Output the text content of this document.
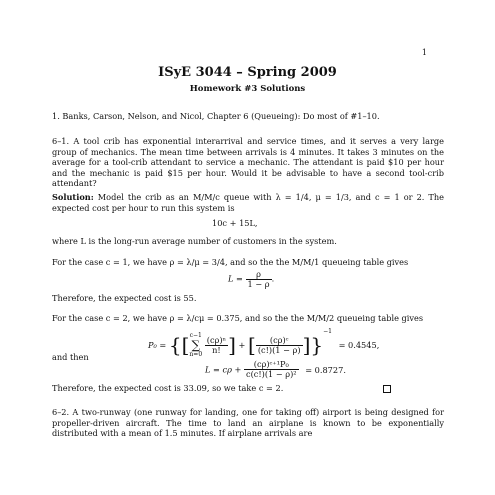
1
ISyE 3044 – Spring 2009
Homework #3 Solutions
1. Banks, Carson, Nelson, and Nicol, Chapter 6 (Queueing): Do most of #1–10.
6–1. A tool crib has exponential interarrival and service times, and it serves a very large group of mechanics. The mean time between arrivals is 4 minutes. It takes 3 minutes on the average for a tool-crib attendant to service a mechanic. The attendant is paid $10 per hour and the mechanic is paid $15 per hour. Would it be advisable to have a second tool-crib attendant?
Solution: Model the crib as an M/M/c queue with λ = 1/4, μ = 1/3, and c = 1 or 2. The expected cost per hour to run this system is
10c + 15L,
where L is the long-run average number of customers in the system.
For the case c = 1, we have ρ = λ/μ = 3/4, and so the the M/M/1 queueing table gives
$L = \frac{\rho}{1 - \rho}$ .
Therefore, the expected cost is 55.
For the case c = 2, we have ρ = λ/cμ = 0.375, and so the the M/M/2 queueing table gives
P₀ = {[c−1
∑
$n=0 \frac{\text{(cρ)ⁿ}}{n!}$ ] + [ $\frac{\text{(cρ)ᶜ}}{(c!)(1 - \rho)} ]\}^{-1} = 0.4545$,
and then
$L = c\rho + \frac{\text{(cρ)ᶜ⁺¹P₀}}{\text{c(c!)(1 − ρ)²}} = 0.8727$.
Therefore, the expected cost is 33.09, so we take c = 2.
6–2. A two-runway (one runway for landing, one for taking off) airport is being designed for propeller-driven aircraft. The time to land an airplane is known to be exponentially distributed with a mean of 1.5 minutes. If airplane arrivals are
